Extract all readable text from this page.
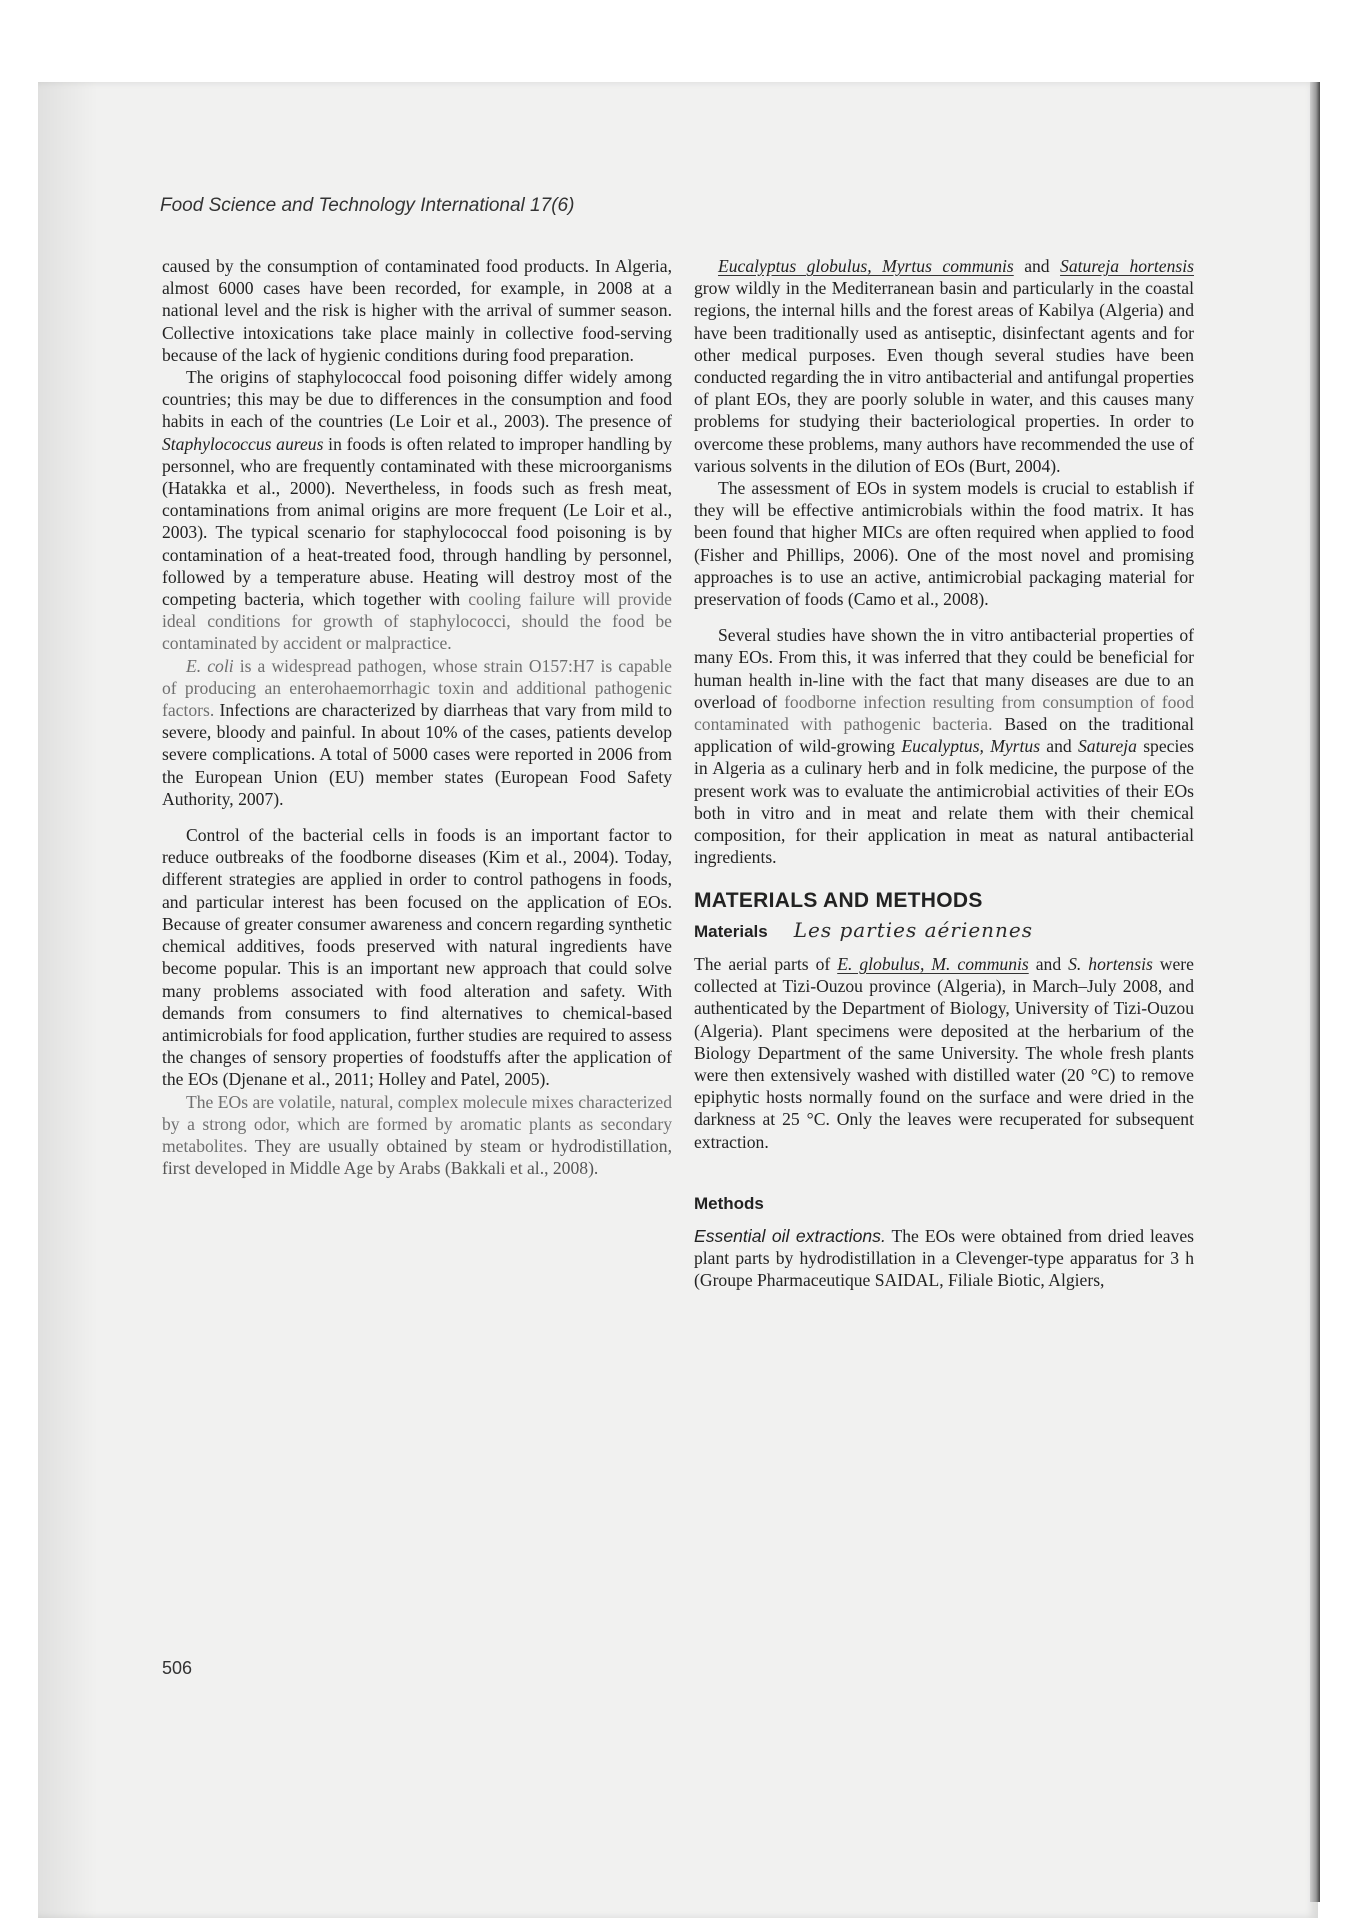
Food Science and Technology International 17(6)

caused by the consumption of contaminated food products. In Algeria, almost 6000 cases have been recorded, for example, in 2008 at a national level and the risk is higher with the arrival of summer season. Collective intoxications take place mainly in collective food-serving because of the lack of hygienic conditions during food preparation.

The origins of staphylococcal food poisoning differ widely among countries; this may be due to differences in the consumption and food habits in each of the countries (Le Loir et al., 2003). The presence of Staphylococcus aureus in foods is often related to improper handling by personnel, who are frequently contaminated with these microorganisms (Hatakka et al., 2000). Nevertheless, in foods such as fresh meat, contaminations from animal origins are more frequent (Le Loir et al., 2003). The typical scenario for staphylococcal food poisoning is by contamination of a heat-treated food, through handling by personnel, followed by a temperature abuse. Heating will destroy most of the competing bacteria, which together with cooling failure will provide ideal conditions for growth of staphylococci, should the food be contaminated by accident or malpractice.

E. coli is a widespread pathogen, whose strain O157:H7 is capable of producing an enterohaemorrhagic toxin and additional pathogenic factors. Infections are characterized by diarrheas that vary from mild to severe, bloody and painful. In about 10% of the cases, patients develop severe complications. A total of 5000 cases were reported in 2006 from the European Union (EU) member states (European Food Safety Authority, 2007).

Control of the bacterial cells in foods is an important factor to reduce outbreaks of the foodborne diseases (Kim et al., 2004). Today, different strategies are applied in order to control pathogens in foods, and particular interest has been focused on the application of EOs. Because of greater consumer awareness and concern regarding synthetic chemical additives, foods preserved with natural ingredients have become popular. This is an important new approach that could solve many problems associated with food alteration and safety. With demands from consumers to find alternatives to chemical-based antimicrobials for food application, further studies are required to assess the changes of sensory properties of foodstuffs after the application of the EOs (Djenane et al., 2011; Holley and Patel, 2005).

The EOs are volatile, natural, complex molecule mixes characterized by a strong odor, which are formed by aromatic plants as secondary metabolites. They are usually obtained by steam or hydrodistillation, first developed in Middle Age by Arabs (Bakkali et al., 2008).

Eucalyptus globulus, Myrtus communis and Satureja hortensis grow wildly in the Mediterranean basin and particularly in the coastal regions, the internal hills and the forest areas of Kabilya (Algeria) and have been traditionally used as antiseptic, disinfectant agents and for other medical purposes. Even though several studies have been conducted regarding the in vitro antibacterial and antifungal properties of plant EOs, they are poorly soluble in water, and this causes many problems for studying their bacteriological properties. In order to overcome these problems, many authors have recommended the use of various solvents in the dilution of EOs (Burt, 2004).

The assessment of EOs in system models is crucial to establish if they will be effective antimicrobials within the food matrix. It has been found that higher MICs are often required when applied to food (Fisher and Phillips, 2006). One of the most novel and promising approaches is to use an active, antimicrobial packaging material for preservation of foods (Camo et al., 2008).

Several studies have shown the in vitro antibacterial properties of many EOs. From this, it was inferred that they could be beneficial for human health in-line with the fact that many diseases are due to an overload of foodborne infection resulting from consumption of food contaminated with pathogenic bacteria. Based on the traditional application of wild-growing Eucalyptus, Myrtus and Satureja species in Algeria as a culinary herb and in folk medicine, the purpose of the present work was to evaluate the antimicrobial activities of their EOs both in vitro and in meat and relate them with their chemical composition, for their application in meat as natural antibacterial ingredients.

MATERIALS AND METHODS
Materials Les parties aériennes

The aerial parts of E. globulus, M. communis and S. hortensis were collected at Tizi-Ouzou province (Algeria), in March–July 2008, and authenticated by the Department of Biology, University of Tizi-Ouzou (Algeria). Plant specimens were deposited at the herbarium of the Biology Department of the same University. The whole fresh plants were then extensively washed with distilled water (20 °C) to remove epiphytic hosts normally found on the surface and were dried in the darkness at 25 °C. Only the leaves were recuperated for subsequent extraction.

Methods

Essential oil extractions. The EOs were obtained from dried leaves plant parts by hydrodistillation in a Clevenger-type apparatus for 3 h (Groupe Pharmaceutique SAIDAL, Filiale Biotic, Algiers,

506
